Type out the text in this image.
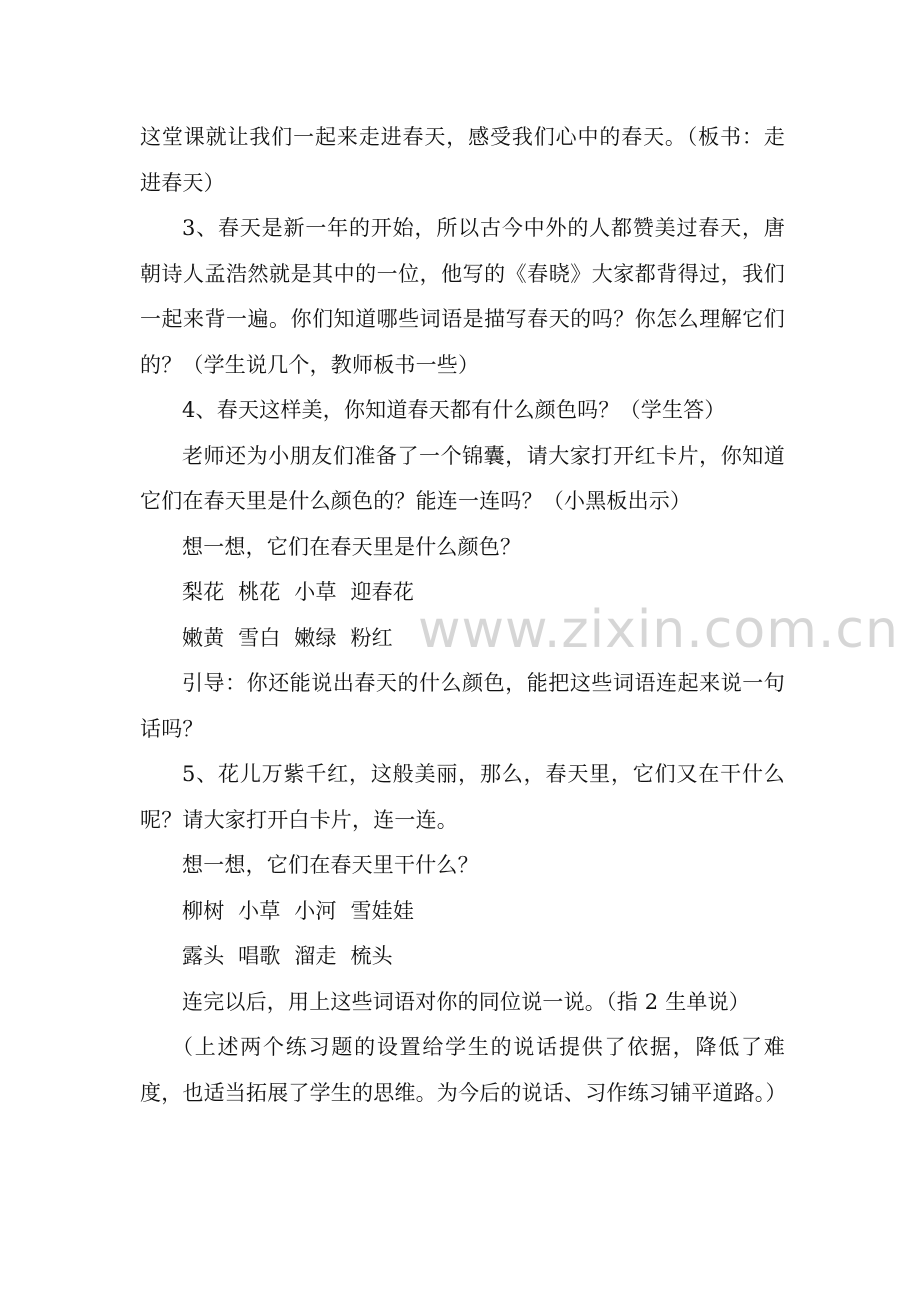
这堂课就让我们一起来走进春天，感受我们心中的春天。（板书：走进春天）

3、春天是新一年的开始，所以古今中外的人都赞美过春天，唐朝诗人孟浩然就是其中的一位，他写的《春晓》大家都背得过，我们一起来背一遍。你们知道哪些词语是描写春天的吗？你怎么理解它们的？（学生说几个，教师板书一些）

4、春天这样美，你知道春天都有什么颜色吗？（学生答）

老师还为小朋友们准备了一个锦囊，请大家打开红卡片，你知道它们在春天里是什么颜色的？能连一连吗？（小黑板出示）

想一想，它们在春天里是什么颜色？

梨花  桃花  小草  迎春花

嫩黄  雪白  嫩绿  粉红

引导：你还能说出春天的什么颜色，能把这些词语连起来说一句话吗？

5、花儿万紫千红，这般美丽，那么，春天里，它们又在干什么呢？请大家打开白卡片，连一连。

想一想，它们在春天里干什么？

柳树  小草  小河  雪娃娃

露头  唱歌  溜走  梳头

连完以后，用上这些词语对你的同位说一说。（指 2 生单说）

（上述两个练习题的设置给学生的说话提供了依据，降低了难度，也适当拓展了学生的思维。为今后的说话、习作练习铺平道路。）

www.zixin.com.cn
